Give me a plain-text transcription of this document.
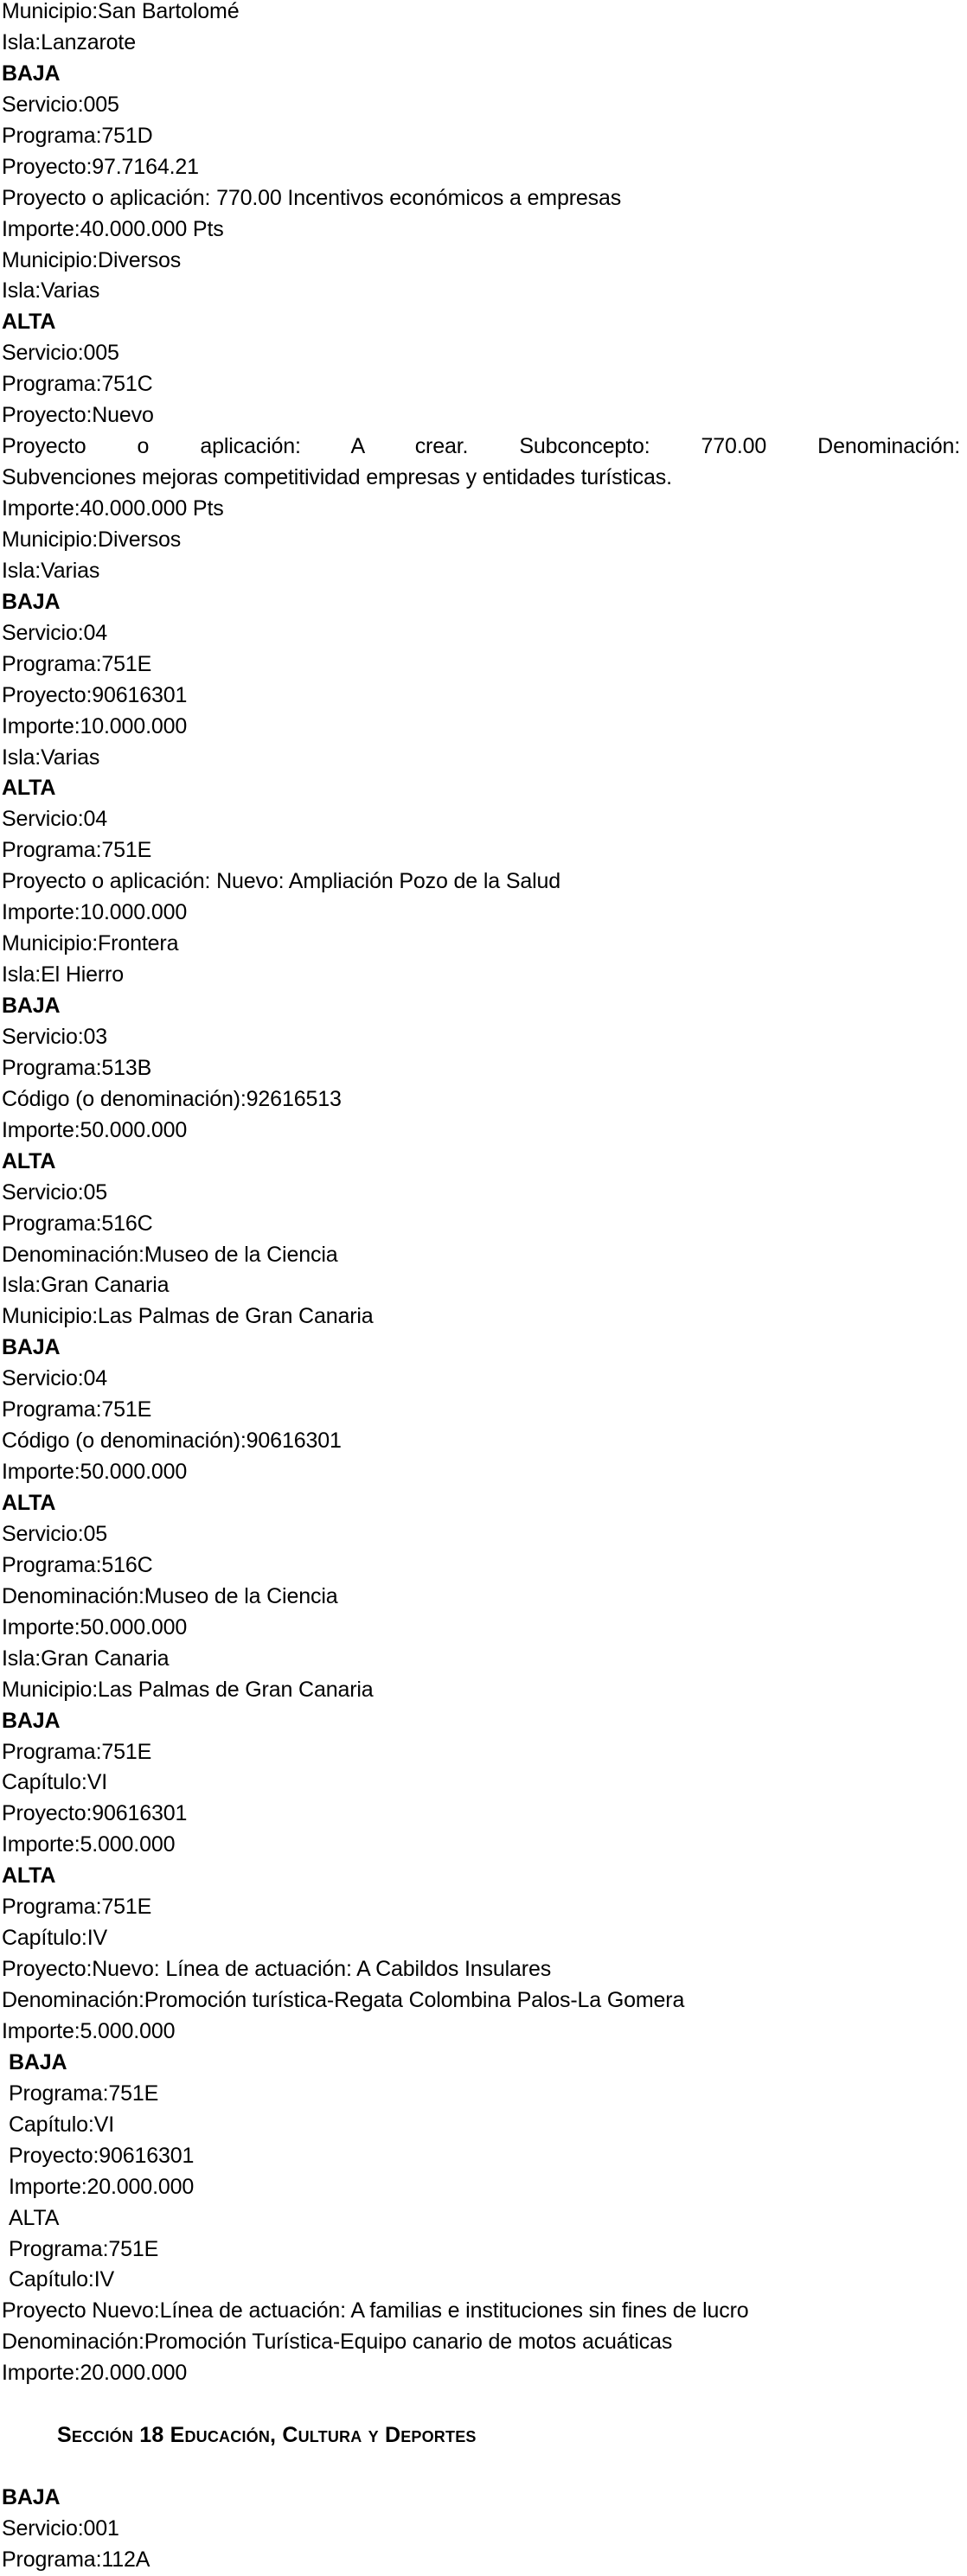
Municipio:San Bartolomé
Isla:Lanzarote
BAJA
Servicio:005
Programa:751D
Proyecto:97.7164.21
Proyecto o aplicación: 770.00 Incentivos económicos a empresas
Importe:40.000.000 Pts
Municipio:Diversos
Isla:Varias
ALTA
Servicio:005
Programa:751C
Proyecto:Nuevo
Proyecto o aplicación: A crear. Subconcepto: 770.00 Denominación:
Subvenciones mejoras competitividad empresas y entidades turísticas.
Importe:40.000.000 Pts
Municipio:Diversos
Isla:Varias
BAJA
Servicio:04
Programa:751E
Proyecto:90616301
Importe:10.000.000
Isla:Varias
ALTA
Servicio:04
Programa:751E
Proyecto o aplicación: Nuevo: Ampliación Pozo de la Salud
Importe:10.000.000
Municipio:Frontera
Isla:El Hierro
BAJA
Servicio:03
Programa:513B
Código (o denominación):92616513
Importe:50.000.000
ALTA
Servicio:05
Programa:516C
Denominación:Museo de la Ciencia
Isla:Gran Canaria
Municipio:Las Palmas de Gran Canaria
BAJA
Servicio:04
Programa:751E
Código (o denominación):90616301
Importe:50.000.000
ALTA
Servicio:05
Programa:516C
Denominación:Museo de la Ciencia
Importe:50.000.000
Isla:Gran Canaria
Municipio:Las Palmas de Gran Canaria
BAJA
Programa:751E
Capítulo:VI
Proyecto:90616301
Importe:5.000.000
ALTA
Programa:751E
Capítulo:IV
Proyecto:Nuevo: Línea de actuación: A Cabildos Insulares
Denominación:Promoción turística-Regata Colombina Palos-La Gomera
Importe:5.000.000
BAJA
Programa:751E
Capítulo:VI
Proyecto:90616301
Importe:20.000.000
ALTA
Programa:751E
Capítulo:IV
Proyecto Nuevo:Línea de actuación: A familias e instituciones sin fines de lucro
Denominación:Promoción Turística-Equipo canario de motos acuáticas
Importe:20.000.000
Sección 18 Educación, Cultura y Deportes
BAJA
Servicio:001
Programa:112A
